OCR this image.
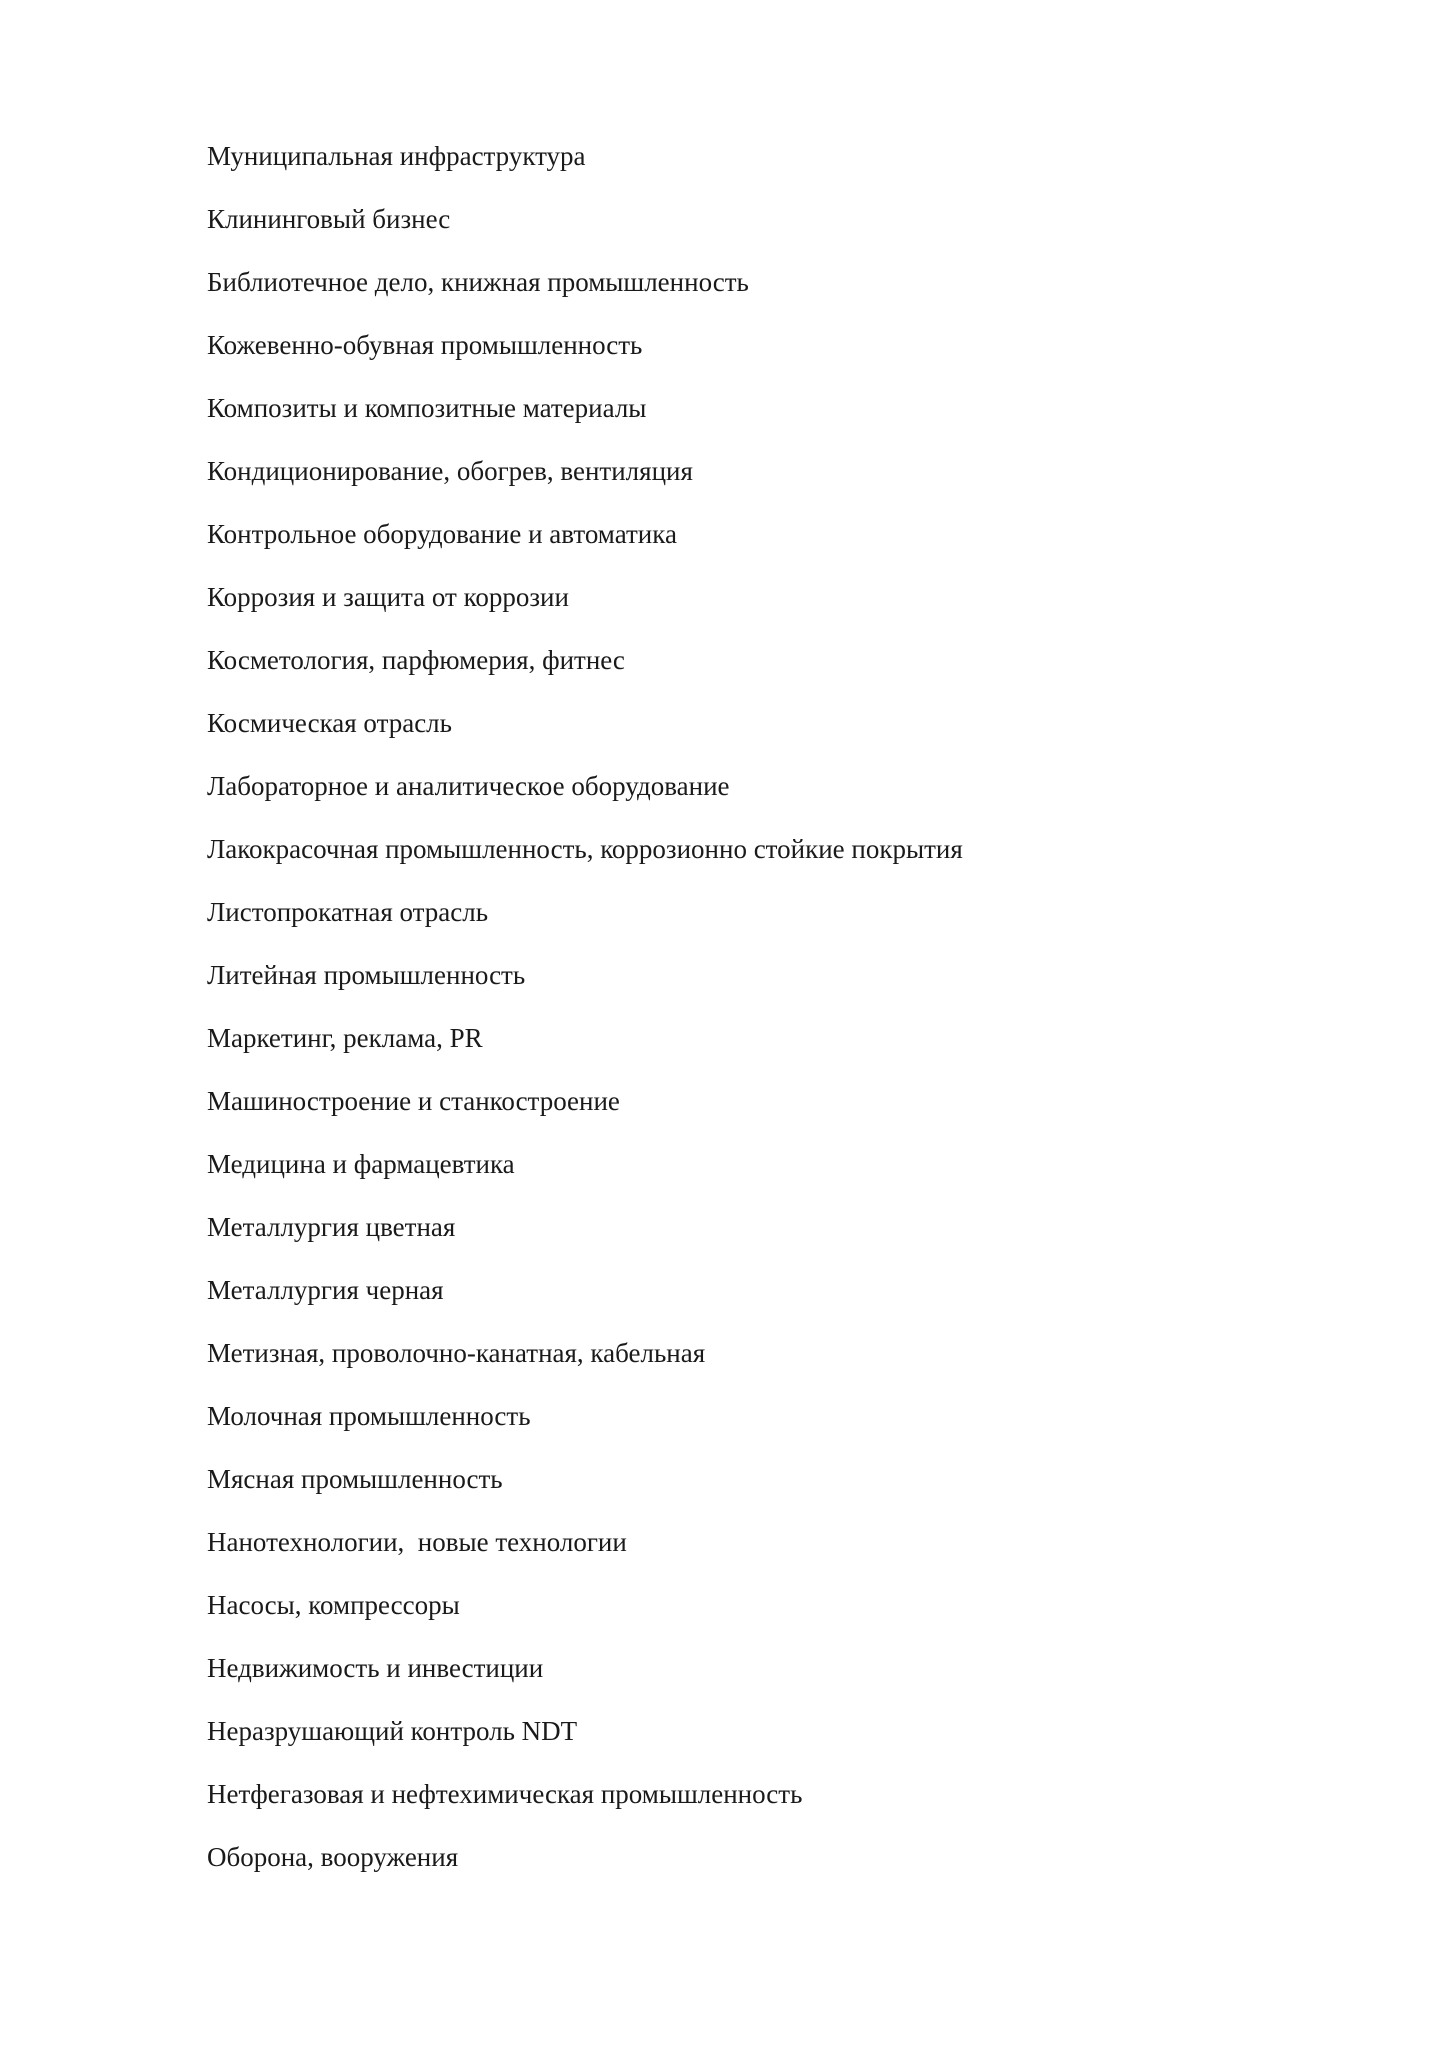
Муниципальная инфраструктура
Клининговый бизнес
Библиотечное дело, книжная промышленность
Кожевенно-обувная промышленность
Композиты и композитные материалы
Кондиционирование, обогрев, вентиляция
Контрольное оборудование и автоматика
Коррозия и защита от коррозии
Косметология, парфюмерия, фитнес
Космическая отрасль
Лабораторное и аналитическое оборудование
Лакокрасочная промышленность, коррозионно стойкие покрытия
Листопрокатная отрасль
Литейная промышленность
Маркетинг, реклама, PR
Машиностроение и станкостроение
Медицина и фармацевтика
Металлургия цветная
Металлургия черная
Метизная, проволочно-канатная, кабельная
Молочная промышленность
Мясная промышленность
Нанотехнологии,  новые технологии
Насосы, компрессоры
Недвижимость и инвестиции
Неразрушающий контроль NDT
Нетфегазовая и нефтехимическая промышленность
Оборона, вооружения
